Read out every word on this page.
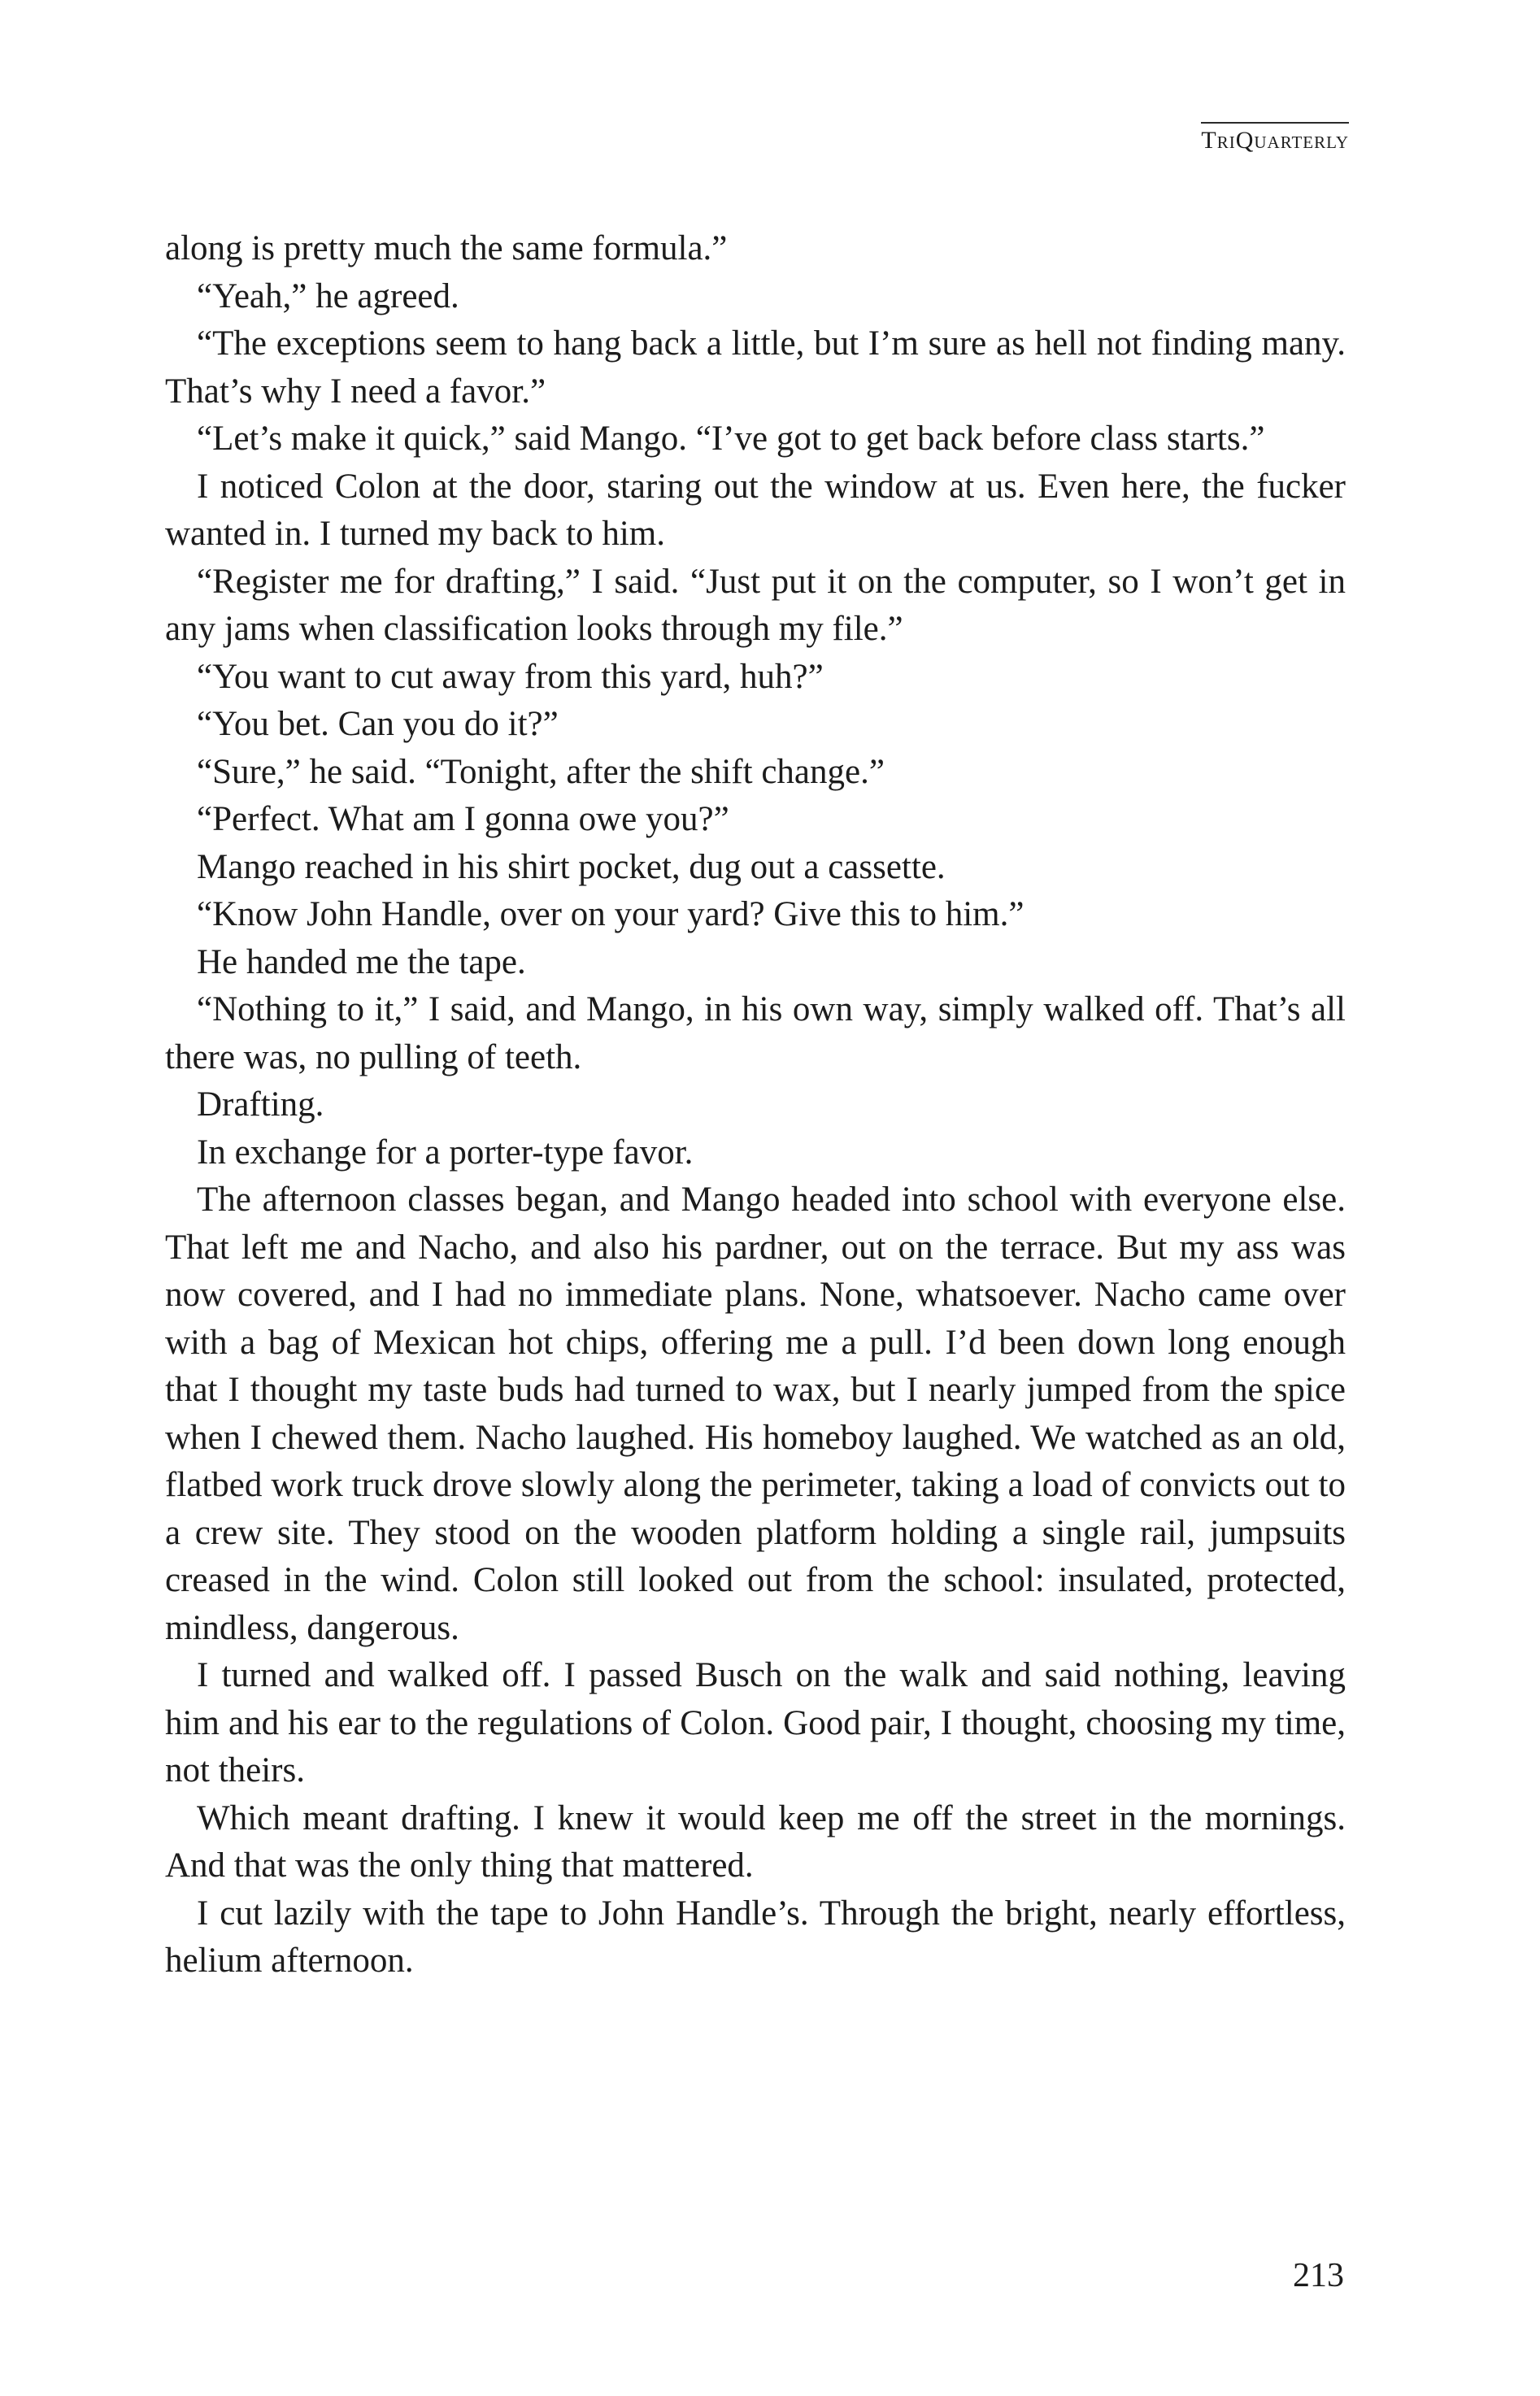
TriQuarterly

along is pretty much the same formula.”

“Yeah,” he agreed.

“The exceptions seem to hang back a little, but I’m sure as hell not finding many. That’s why I need a favor.”

“Let’s make it quick,” said Mango. “I’ve got to get back before class starts.”

I noticed Colon at the door, staring out the window at us. Even here, the fucker wanted in. I turned my back to him.

“Register me for drafting,” I said. “Just put it on the computer, so I won’t get in any jams when classification looks through my file.”

“You want to cut away from this yard, huh?”

“You bet. Can you do it?”

“Sure,” he said. “Tonight, after the shift change.”

“Perfect. What am I gonna owe you?”

Mango reached in his shirt pocket, dug out a cassette.

“Know John Handle, over on your yard? Give this to him.”

He handed me the tape.

“Nothing to it,” I said, and Mango, in his own way, simply walked off. That’s all there was, no pulling of teeth.

Drafting.

In exchange for a porter-type favor.

The afternoon classes began, and Mango headed into school with everyone else. That left me and Nacho, and also his pardner, out on the terrace. But my ass was now covered, and I had no immediate plans. None, whatsoever. Nacho came over with a bag of Mexican hot chips, offering me a pull. I’d been down long enough that I thought my taste buds had turned to wax, but I nearly jumped from the spice when I chewed them. Nacho laughed. His homeboy laughed. We watched as an old, flatbed work truck drove slowly along the perimeter, taking a load of convicts out to a crew site. They stood on the wooden platform holding a single rail, jumpsuits creased in the wind. Colon still looked out from the school: insulated, protected, mindless, dangerous.

I turned and walked off. I passed Busch on the walk and said nothing, leaving him and his ear to the regulations of Colon. Good pair, I thought, choosing my time, not theirs.

Which meant drafting. I knew it would keep me off the street in the mornings. And that was the only thing that mattered.

I cut lazily with the tape to John Handle’s. Through the bright, nearly effortless, helium afternoon.

213
